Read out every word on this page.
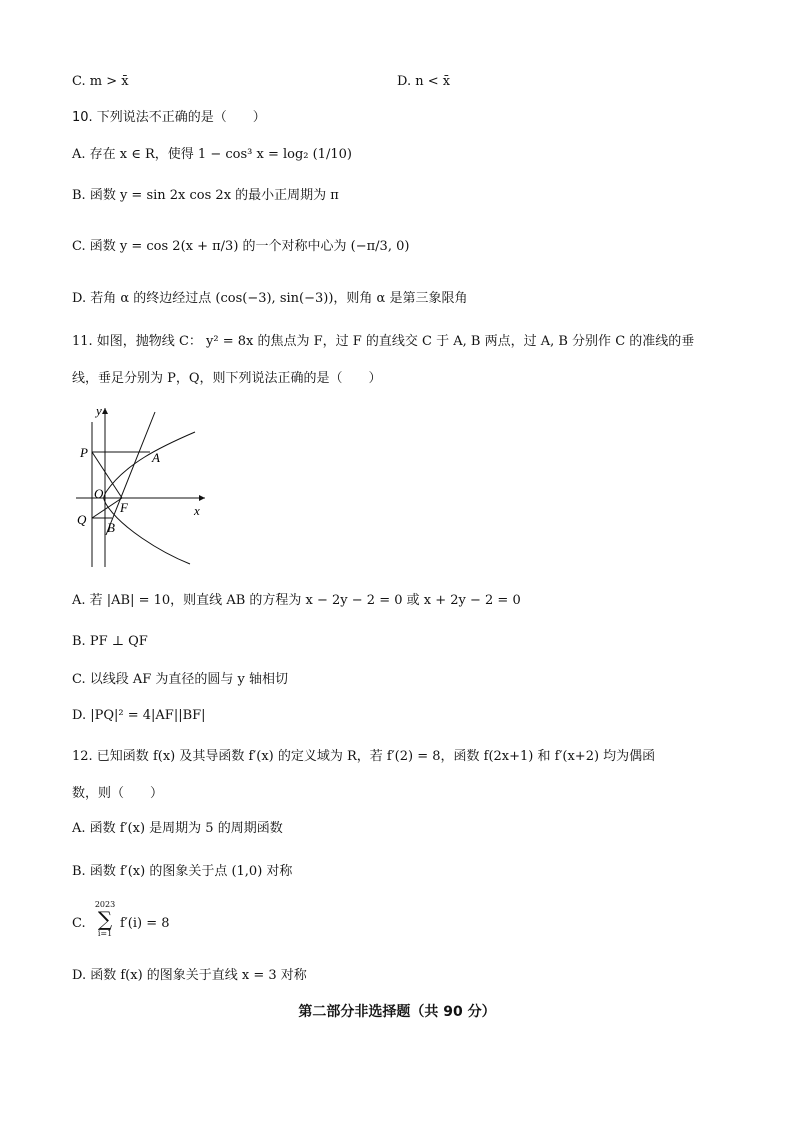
C. m > x̄	D. n < x̄
10. 下列说法不正确的是（　　）
A. 存在 x ∈ R，使得 1 − cos³ x = log₂ (1/10)
B. 函数 y = sin 2x cos 2x 的最小正周期为 π
C. 函数 y = cos 2(x + π/3) 的一个对称中心为 (−π/3, 0)
D. 若角 α 的终边经过点 (cos(−3), sin(−3))，则角 α 是第三象限角
11. 如图，抛物线 C： y² = 8x 的焦点为 F，过 F 的直线交 C 于 A, B 两点，过 A, B 分别作 C 的准线的垂
线，垂足分别为 P，Q，则下列说法正确的是（　　）
y
x
P	A
O
F
Q
B
A. 若 |AB| = 10，则直线 AB 的方程为 x − 2y − 2 = 0 或 x + 2y − 2 = 0
B. PF ⊥ QF
C. 以线段 AF 为直径的圆与 y 轴相切
D. |PQ|² = 4|AF||BF|
12. 已知函数 f(x) 及其导函数 f′(x) 的定义域为 R，若 f′(2) = 8，函数 f(2x+1) 和 f′(x+2) 均为偶函
数，则（　　）
A. 函数 f′(x) 是周期为 5 的周期函数
B. 函数 f′(x) 的图象关于点 (1,0) 对称
C.
2023
∑
i=1
f′(i) = 8
D. 函数 f(x) 的图象关于直线 x = 3 对称
第二部分非选择题（共 90 分）
